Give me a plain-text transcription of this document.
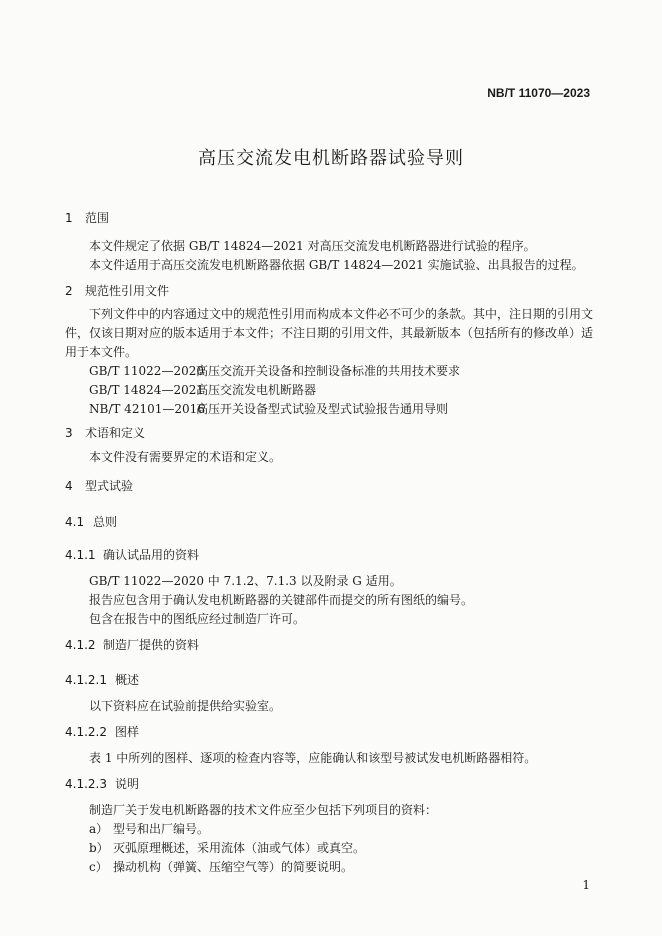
NB/T 11070—2023
高压交流发电机断路器试验导则
1 范围
本文件规定了依据 GB/T 14824—2021 对高压交流发电机断路器进行试验的程序。
本文件适用于高压交流发电机断路器依据 GB/T 14824—2021 实施试验、出具报告的过程。
2 规范性引用文件
下列文件中的内容通过文中的规范性引用而构成本文件必不可少的条款。其中，注日期的引用文件，仅该日期对应的版本适用于本文件；不注日期的引用文件，其最新版本（包括所有的修改单）适用于本文件。
GB/T 11022—2020高压交流开关设备和控制设备标准的共用技术要求
GB/T 14824—2021高压交流发电机断路器
NB/T 42101—2016高压开关设备型式试验及型式试验报告通用导则
3 术语和定义
本文件没有需要界定的术语和定义。
4 型式试验
4.1 总则
4.1.1 确认试品用的资料
GB/T 11022—2020 中 7.1.2、7.1.3 以及附录 G 适用。
报告应包含用于确认发电机断路器的关键部件而提交的所有图纸的编号。
包含在报告中的图纸应经过制造厂许可。
4.1.2 制造厂提供的资料
4.1.2.1 概述
以下资料应在试验前提供给实验室。
4.1.2.2 图样
表 1 中所列的图样、逐项的检查内容等，应能确认和该型号被试发电机断路器相符。
4.1.2.3 说明
制造厂关于发电机断路器的技术文件应至少包括下列项目的资料：
a） 型号和出厂编号。
b） 灭弧原理概述，采用流体（油或气体）或真空。
c） 操动机构（弹簧、压缩空气等）的简要说明。
1
